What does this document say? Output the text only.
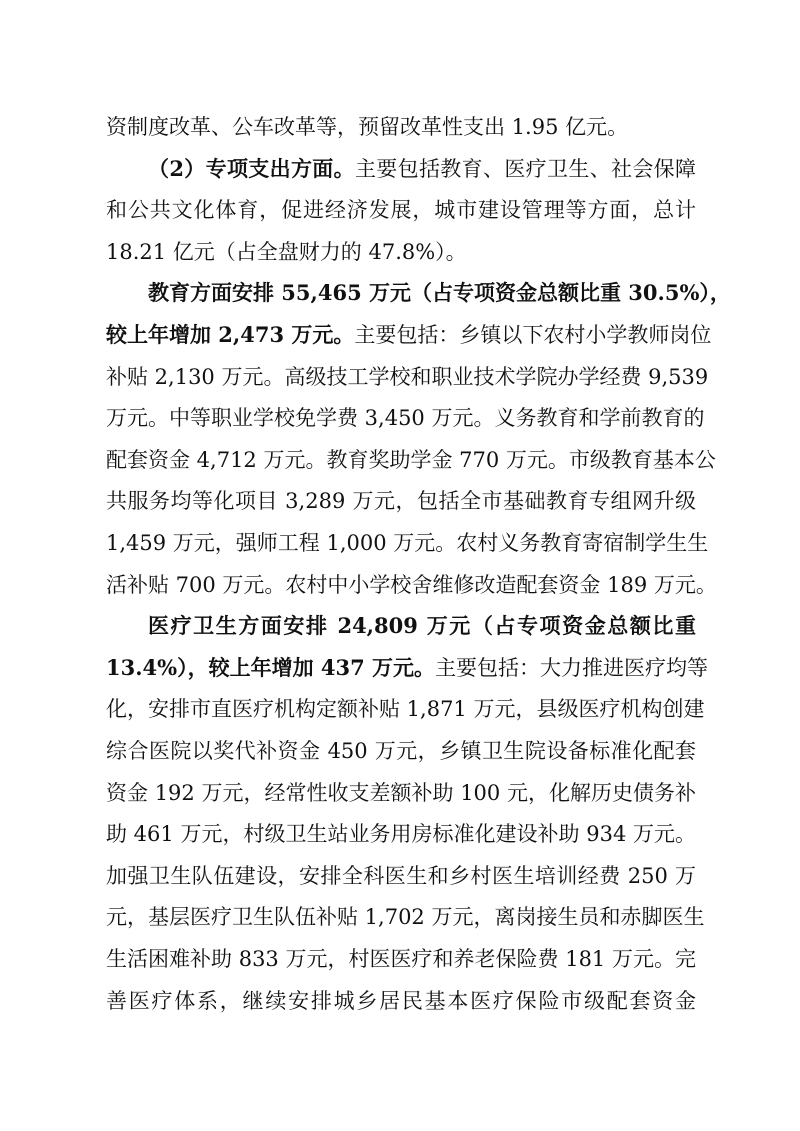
资制度改革、公车改革等，预留改革性支出 1.95 亿元。
（2）专项支出方面。主要包括教育、医疗卫生、社会保障
和公共文化体育，促进经济发展，城市建设管理等方面，总计
18.21 亿元（占全盘财力的 47.8%）。
教育方面安排 55,465 万元（占专项资金总额比重 30.5%），
较上年增加 2,473 万元。主要包括：乡镇以下农村小学教师岗位
补贴 2,130 万元。高级技工学校和职业技术学院办学经费 9,539
万元。中等职业学校免学费 3,450 万元。义务教育和学前教育的
配套资金 4,712 万元。教育奖助学金 770 万元。市级教育基本公
共服务均等化项目 3,289 万元，包括全市基础教育专组网升级
1,459 万元，强师工程 1,000 万元。农村义务教育寄宿制学生生
活补贴 700 万元。农村中小学校舍维修改造配套资金 189 万元。
医疗卫生方面安排 24,809 万元（占专项资金总额比重
13.4%），较上年增加 437 万元。主要包括：大力推进医疗均等
化，安排市直医疗机构定额补贴 1,871 万元，县级医疗机构创建
综合医院以奖代补资金 450 万元，乡镇卫生院设备标准化配套
资金 192 万元，经常性收支差额补助 100 元，化解历史债务补
助 461 万元，村级卫生站业务用房标准化建设补助 934 万元。
加强卫生队伍建设，安排全科医生和乡村医生培训经费 250 万
元，基层医疗卫生队伍补贴 1,702 万元，离岗接生员和赤脚医生
生活困难补助 833 万元，村医医疗和养老保险费 181 万元。完
善医疗体系，继续安排城乡居民基本医疗保险市级配套资金
